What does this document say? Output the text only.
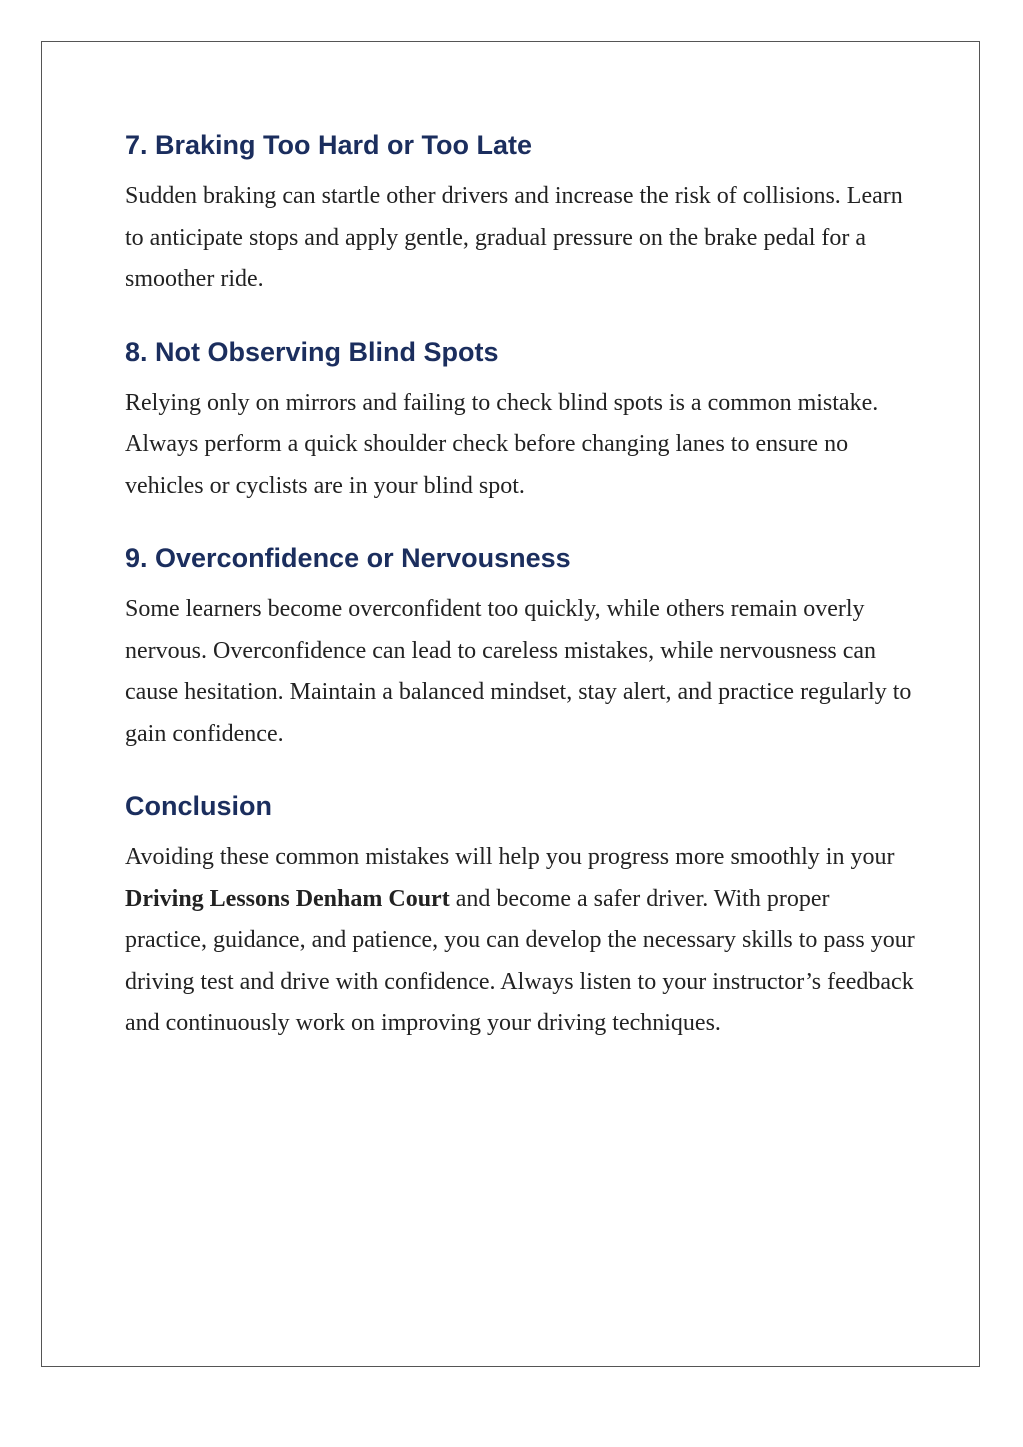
7. Braking Too Hard or Too Late

Sudden braking can startle other drivers and increase the risk of collisions. Learn to anticipate stops and apply gentle, gradual pressure on the brake pedal for a smoother ride.

8. Not Observing Blind Spots

Relying only on mirrors and failing to check blind spots is a common mistake. Always perform a quick shoulder check before changing lanes to ensure no vehicles or cyclists are in your blind spot.

9. Overconfidence or Nervousness

Some learners become overconfident too quickly, while others remain overly nervous. Overconfidence can lead to careless mistakes, while nervousness can cause hesitation. Maintain a balanced mindset, stay alert, and practice regularly to gain confidence.

Conclusion

Avoiding these common mistakes will help you progress more smoothly in your Driving Lessons Denham Court and become a safer driver. With proper practice, guidance, and patience, you can develop the necessary skills to pass your driving test and drive with confidence. Always listen to your instructor’s feedback and continuously work on improving your driving techniques.
